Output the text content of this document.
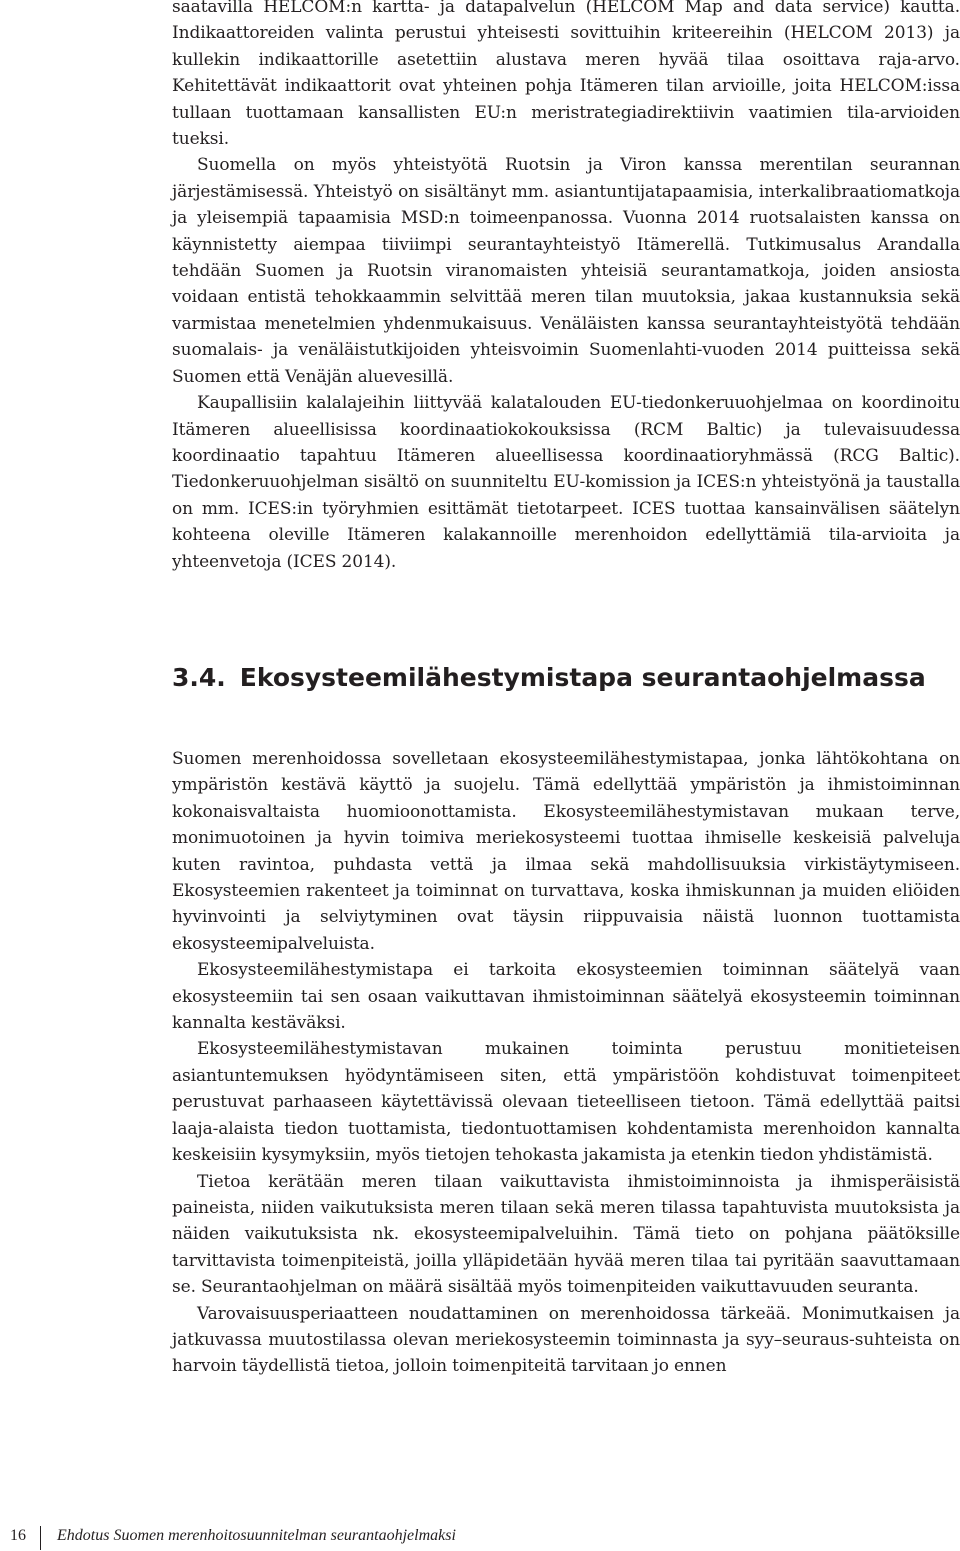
saatavilla HELCOM:n kartta- ja datapalvelun (HELCOM Map and data service) kautta. Indikaattoreiden valinta perustui yhteisesti sovittuihin kriteereihin (HELCOM 2013) ja kullekin indikaattorille asetettiin alustava meren hyvää tilaa osoittava raja-arvo. Kehitettävät indikaattorit ovat yhteinen pohja Itämeren tilan arvioille, joita HELCOM:issa tullaan tuottamaan kansallisten EU:n meristrategiadirektiivin vaatimien tila-arvioiden tueksi.

Suomella on myös yhteistyötä Ruotsin ja Viron kanssa merentilan seurannan järjestämisessä. Yhteistyö on sisältänyt mm. asiantuntijatapaamisia, interkalibraatiomatkoja ja yleisempiä tapaamisia MSD:n toimeenpanossa. Vuonna 2014 ruotsalaisten kanssa on käynnistetty aiempaa tiiviimpi seurantayhteistyö Itämerellä. Tutkimusalus Arandalla tehdään Suomen ja Ruotsin viranomaisten yhteisiä seurantamatkoja, joiden ansiosta voidaan entistä tehokkaammin selvittää meren tilan muutoksia, jakaa kustannuksia sekä varmistaa menetelmien yhdenmukaisuus. Venäläisten kanssa seurantayhteistyötä tehdään suomalais- ja venäläistutkijoiden yhteisvoimin Suomenlahti-vuoden 2014 puitteissa sekä Suomen että Venäjän aluevesillä.

Kaupallisiin kalalajeihin liittyvää kalatalouden EU-tiedonkeruuohjelmaa on koordinoitu Itämeren alueellisissa koordinaatiokokouksissa (RCM Baltic) ja tulevaisuudessa koordinaatio tapahtuu Itämeren alueellisessa koordinaatioryhmässä (RCG Baltic). Tiedonkeruuohjelman sisältö on suunniteltu EU-komission ja ICES:n yhteistyönä ja taustalla on mm. ICES:in työryhmien esittämät tietotarpeet. ICES tuottaa kansainvälisen säätelyn kohteena oleville Itämeren kalakannoille merenhoidon edellyttämiä tila-arvioita ja yhteenvetoja (ICES 2014).

3.4. Ekosysteemilähestymistapa seurantaohjelmassa

Suomen merenhoidossa sovelletaan ekosysteemilähestymistapaa, jonka lähtökohtana on ympäristön kestävä käyttö ja suojelu. Tämä edellyttää ympäristön ja ihmistoiminnan kokonaisvaltaista huomioonottamista. Ekosysteemilähestymistavan mukaan terve, monimuotoinen ja hyvin toimiva meriekosysteemi tuottaa ihmiselle keskeisiä palveluja kuten ravintoa, puhdasta vettä ja ilmaa sekä mahdollisuuksia virkistäytymiseen. Ekosysteemien rakenteet ja toiminnat on turvattava, koska ihmiskunnan ja muiden eliöiden hyvinvointi ja selviytyminen ovat täysin riippuvaisia näistä luonnon tuottamista ekosysteemipalveluista.

Ekosysteemilähestymistapa ei tarkoita ekosysteemien toiminnan säätelyä vaan ekosysteemiin tai sen osaan vaikuttavan ihmistoiminnan säätelyä ekosysteemin toiminnan kannalta kestäväksi.

Ekosysteemilähestymistavan mukainen toiminta perustuu monitieteisen asiantuntemuksen hyödyntämiseen siten, että ympäristöön kohdistuvat toimenpiteet perustuvat parhaaseen käytettävissä olevaan tieteelliseen tietoon. Tämä edellyttää paitsi laaja-alaista tiedon tuottamista, tiedontuottamisen kohdentamista merenhoidon kannalta keskeisiin kysymyksiin, myös tietojen tehokasta jakamista ja etenkin tiedon yhdistämistä.

Tietoa kerätään meren tilaan vaikuttavista ihmistoiminnoista ja ihmisperäisistä paineista, niiden vaikutuksista meren tilaan sekä meren tilassa tapahtuvista muutoksista ja näiden vaikutuksista nk. ekosysteemipalveluihin. Tämä tieto on pohjana päätöksille tarvittavista toimenpiteistä, joilla ylläpidetään hyvää meren tilaa tai pyritään saavuttamaan se. Seurantaohjelman on määrä sisältää myös toimenpiteiden vaikuttavuuden seuranta.

Varovaisuusperiaatteen noudattaminen on merenhoidossa tärkeää. Monimutkaisen ja jatkuvassa muutostilassa olevan meriekosysteemin toiminnasta ja syy–seuraus-suhteista on harvoin täydellistä tietoa, jolloin toimenpiteitä tarvitaan jo ennen

16	Ehdotus Suomen merenhoitosuunnitelman seurantaohjelmaksi
